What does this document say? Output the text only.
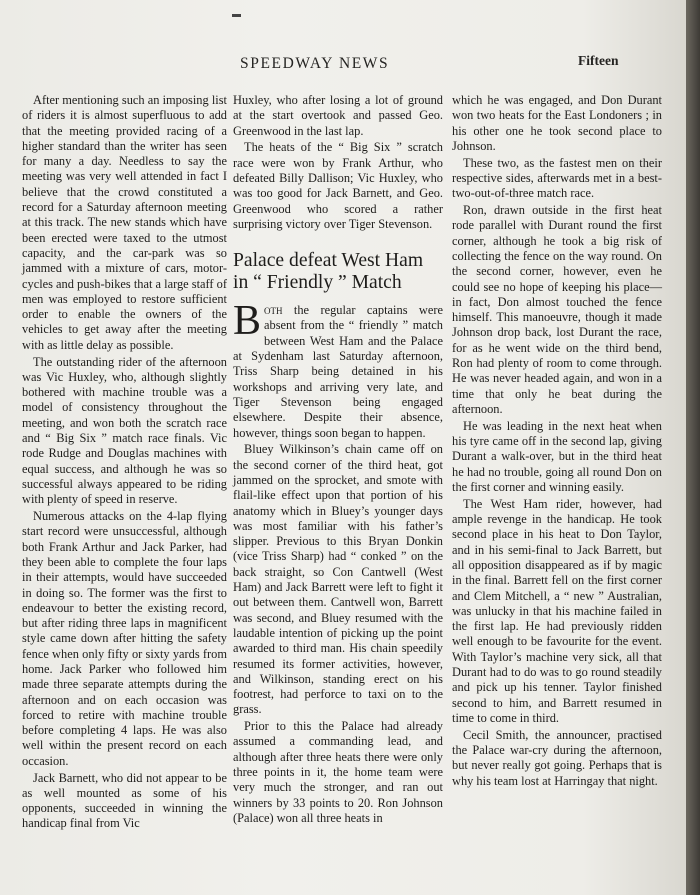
SPEEDWAY NEWS	Fifteen

After mentioning such an imposing list of riders it is almost superfluous to add that the meeting provided racing of a higher standard than the writer has seen for many a day. Needless to say the meeting was very well attended in fact I believe that the crowd constituted a record for a Saturday afternoon meeting at this track. The new stands which have been erected were taxed to the utmost capacity, and the car-park was so jammed with a mixture of cars, motor-cycles and push-bikes that a large staff of men was employed to restore sufficient order to enable the owners of the vehicles to get away after the meeting with as little delay as possible.

The outstanding rider of the afternoon was Vic Huxley, who, although slightly bothered with machine trouble was a model of consistency throughout the meeting, and won both the scratch race and “ Big Six ” match race finals. Vic rode Rudge and Douglas machines with equal success, and although he was so successful always appeared to be riding with plenty of speed in reserve.

Numerous attacks on the 4-lap flying start record were unsuccessful, although both Frank Arthur and Jack Parker, had they been able to complete the four laps in their attempts, would have succeeded in doing so. The former was the first to endeavour to better the existing record, but after riding three laps in magnificent style came down after hitting the safety fence when only fifty or sixty yards from home. Jack Parker who followed him made three separate attempts during the afternoon and on each occasion was forced to retire with machine trouble before completing 4 laps. He was also well within the present record on each occasion.

Jack Barnett, who did not appear to be as well mounted as some of his opponents, succeeded in winning the handicap final from Vic

Huxley, who after losing a lot of ground at the start overtook and passed Geo. Greenwood in the last lap.

The heats of the “ Big Six ” scratch race were won by Frank Arthur, who defeated Billy Dallison; Vic Huxley, who was too good for Jack Barnett, and Geo. Greenwood who scored a rather surprising victory over Tiger Stevenson.

Palace defeat West Ham in “ Friendly ” Match

Both the regular captains were absent from the “ friendly ” match between West Ham and the Palace at Sydenham last Saturday afternoon, Triss Sharp being detained in his workshops and arriving very late, and Tiger Stevenson being engaged elsewhere. Despite their absence, however, things soon began to happen.

Bluey Wilkinson’s chain came off on the second corner of the third heat, got jammed on the sprocket, and smote with flail-like effect upon that portion of his anatomy which in Bluey’s younger days was most familiar with his father’s slipper. Previous to this Bryan Donkin (vice Triss Sharp) had “ conked ” on the back straight, so Con Cantwell (West Ham) and Jack Barrett were left to fight it out between them. Cantwell won, Barrett was second, and Bluey resumed with the laudable intention of picking up the point awarded to third man. His chain speedily resumed its former activities, however, and Wilkinson, standing erect on his footrest, had perforce to taxi on to the grass.

Prior to this the Palace had already assumed a commanding lead, and although after three heats there were only three points in it, the home team were very much the stronger, and ran out winners by 33 points to 20. Ron Johnson (Palace) won all three heats in

which he was engaged, and Don Durant won two heats for the East Londoners ; in his other one he took second place to Johnson.

These two, as the fastest men on their respective sides, afterwards met in a best-two-out-of-three match race.

Ron, drawn outside in the first heat rode parallel with Durant round the first corner, although he took a big risk of collecting the fence on the way round. On the second corner, however, even he could see no hope of keeping his place—in fact, Don almost touched the fence himself. This manoeuvre, though it made Johnson drop back, lost Durant the race, for as he went wide on the third bend, Ron had plenty of room to come through. He was never headed again, and won in a time that only he beat during the afternoon.

He was leading in the next heat when his tyre came off in the second lap, giving Durant a walk-over, but in the third heat he had no trouble, going all round Don on the first corner and winning easily.

The West Ham rider, however, had ample revenge in the handicap. He took second place in his heat to Don Taylor, and in his semi-final to Jack Barrett, but all opposition disappeared as if by magic in the final. Barrett fell on the first corner and Clem Mitchell, a “ new ” Australian, was unlucky in that his machine failed in the first lap. He had previously ridden well enough to be favourite for the event. With Taylor’s machine very sick, all that Durant had to do was to go round steadily and pick up his tenner. Taylor finished second to him, and Barrett resumed in time to come in third.

Cecil Smith, the announcer, practised the Palace war-cry during the afternoon, but never really got going. Perhaps that is why his team lost at Harringay that night.
